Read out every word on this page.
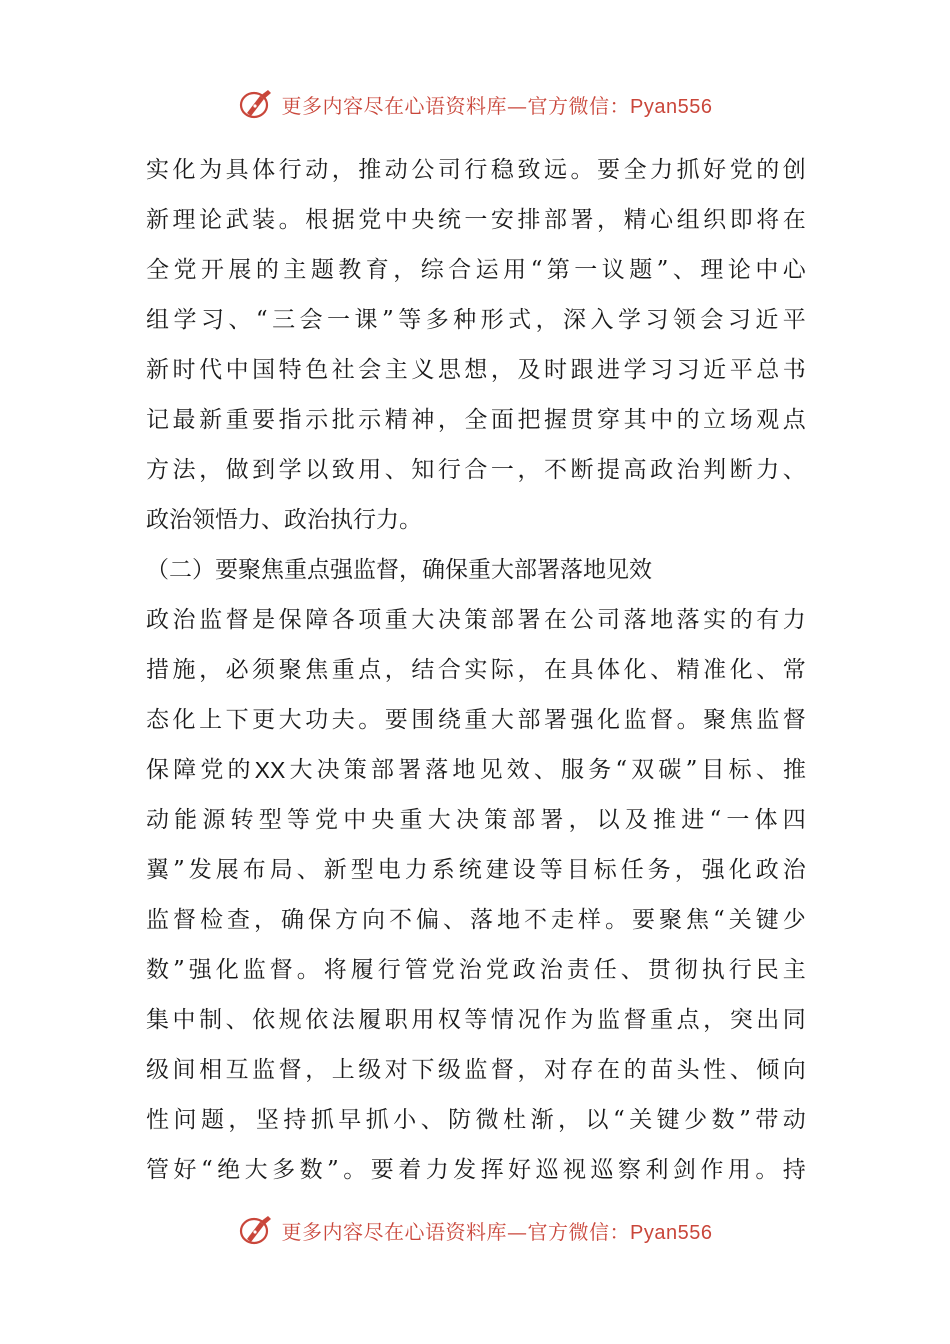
更多内容尽在心语资料库—官方微信：Pyan556
实 化 为 具 体 行 动 ， 推 动 公 司 行 稳 致 远 。 要 全 力 抓 好 党 的 创
新 理 论 武 装 。 根 据 党 中 央 统 一 安 排 部 署 ， 精 心 组 织 即 将 在
全 党 开 展 的 主 题 教 育 ， 综 合 运 用 “ 第 一 议 题 ” 、 理 论 中 心
组 学 习 、 “ 三 会 一 课 ” 等 多 种 形 式 ， 深 入 学 习 领 会 习 近 平
新 时 代 中 国 特 色 社 会 主 义 思 想 ， 及 时 跟 进 学 习 习 近 平 总 书
记 最 新 重 要 指 示 批 示 精 神 ， 全 面 把 握 贯 穿 其 中 的 立 场 观 点
方 法 ， 做 到 学 以 致 用 、 知 行 合 一 ， 不 断 提 高 政 治 判 断 力 、
政治领悟力、政治执行力。
（二）要聚焦重点强监督，确保重大部署落地见效
政 治 监 督 是 保 障 各 项 重 大 决 策 部 署 在 公 司 落 地 落 实 的 有 力
措 施 ， 必 须 聚 焦 重 点 ， 结 合 实 际 ， 在 具 体 化 、 精 准 化 、 常
态 化 上 下 更 大 功 夫 。 要 围 绕 重 大 部 署 强 化 监 督 。 聚 焦 监 督
保 障 党 的 XX 大 决 策 部 署 落 地 见 效 、 服 务 “ 双 碳 ” 目 标 、 推
动 能 源 转 型 等 党 中 央 重 大 决 策 部 署 ， 以 及 推 进 “ 一 体 四
翼 ” 发 展 布 局 、 新 型 电 力 系 统 建 设 等 目 标 任 务 ， 强 化 政 治
监 督 检 查 ， 确 保 方 向 不 偏 、 落 地 不 走 样 。 要 聚 焦 “ 关 键 少
数 ” 强 化 监 督 。 将 履 行 管 党 治 党 政 治 责 任 、 贯 彻 执 行 民 主
集 中 制 、 依 规 依 法 履 职 用 权 等 情 况 作 为 监 督 重 点 ， 突 出 同
级 间 相 互 监 督 ， 上 级 对 下 级 监 督 ， 对 存 在 的 苗 头 性 、 倾 向
性 问 题 ， 坚 持 抓 早 抓 小 、 防 微 杜 渐 ， 以 “ 关 键 少 数 ” 带 动
管 好 “ 绝 大 多 数 ” 。 要 着 力 发 挥 好 巡 视 巡 察 利 剑 作 用 。 持
更多内容尽在心语资料库—官方微信：Pyan556
